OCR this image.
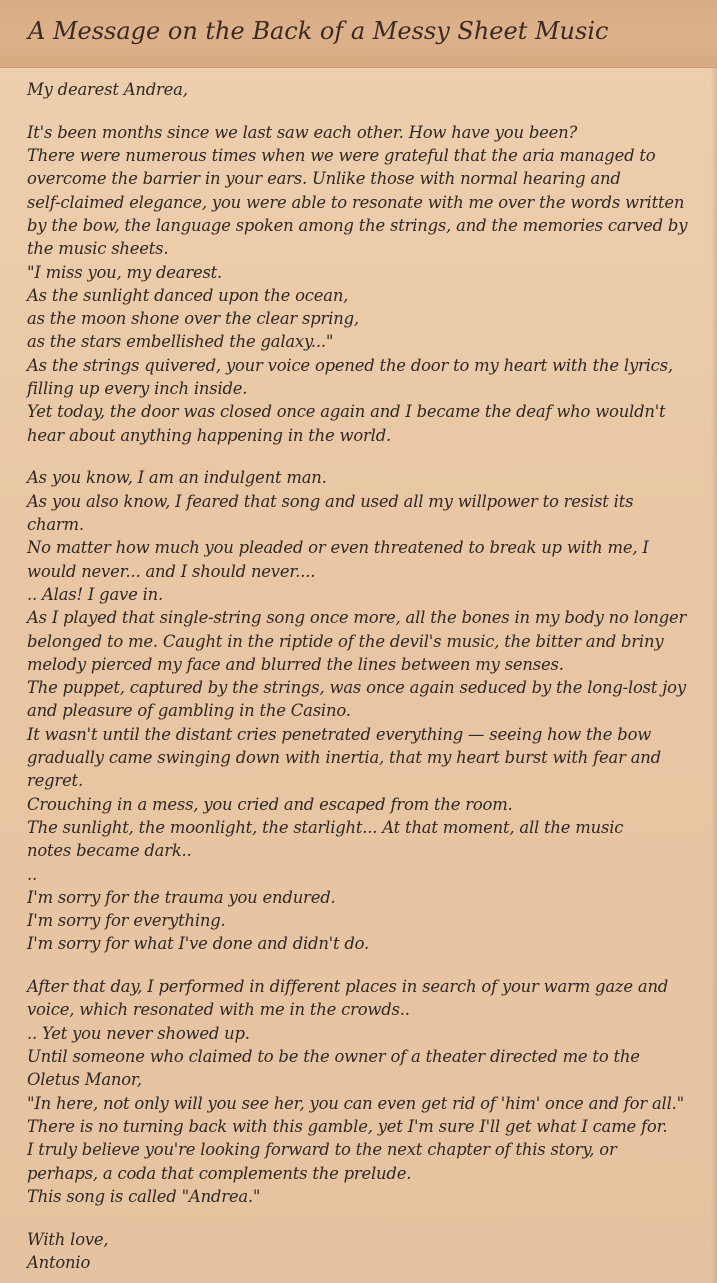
A Message on the Back of a Messy Sheet Music
My dearest Andrea,
It's been months since we last saw each other. How have you been?
There were numerous times when we were grateful that the aria managed to
overcome the barrier in your ears. Unlike those with normal hearing and
self-claimed elegance, you were able to resonate with me over the words written
by the bow, the language spoken among the strings, and the memories carved by
the music sheets.
"I miss you, my dearest.
As the sunlight danced upon the ocean,
as the moon shone over the clear spring,
as the stars embellished the galaxy..."
As the strings quivered, your voice opened the door to my heart with the lyrics,
filling up every inch inside.
Yet today, the door was closed once again and I became the deaf who wouldn't
hear about anything happening in the world.
As you know, I am an indulgent man.
As you also know, I feared that song and used all my willpower to resist its
charm.
No matter how much you pleaded or even threatened to break up with me, I
would never... and I should never....
.. Alas! I gave in.
As I played that single-string song once more, all the bones in my body no longer
belonged to me. Caught in the riptide of the devil's music, the bitter and briny
melody pierced my face and blurred the lines between my senses.
The puppet, captured by the strings, was once again seduced by the long-lost joy
and pleasure of gambling in the Casino.
It wasn't until the distant cries penetrated everything — seeing how the bow
gradually came swinging down with inertia, that my heart burst with fear and
regret.
Crouching in a mess, you cried and escaped from the room.
The sunlight, the moonlight, the starlight... At that moment, all the music
notes became dark..
..
I'm sorry for the trauma you endured.
I'm sorry for everything.
I'm sorry for what I've done and didn't do.
After that day, I performed in different places in search of your warm gaze and
voice, which resonated with me in the crowds..
.. Yet you never showed up.
Until someone who claimed to be the owner of a theater directed me to the
Oletus Manor,
"In here, not only will you see her, you can even get rid of 'him' once and for all."
There is no turning back with this gamble, yet I'm sure I'll get what I came for.
I truly believe you're looking forward to the next chapter of this story, or
perhaps, a coda that complements the prelude.
This song is called "Andrea."
With love,
Antonio
